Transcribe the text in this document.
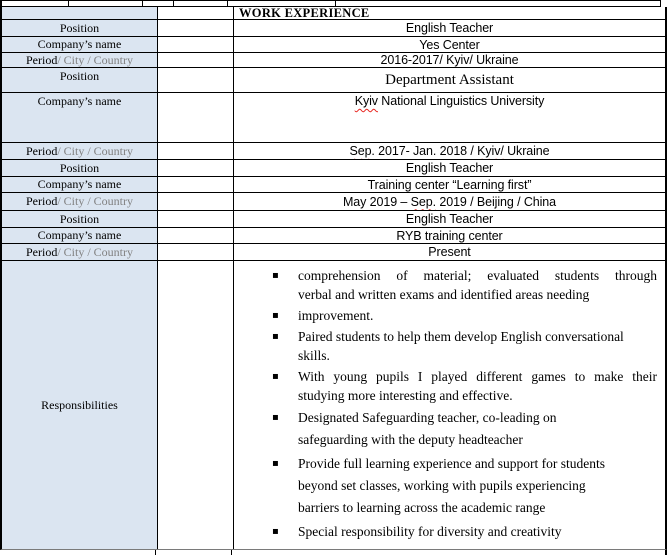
WORK EXPERIENCE
Position	English Teacher
Company’s name	Yes Center
Period / City / Country	2016-2017/ Kyiv/ Ukraine
Position	Department Assistant
Company’s name	Kyiv National Linguistics University
Period / City / Country	Sep. 2017- Jan. 2018 / Kyiv/ Ukraine
Position	English Teacher
Company’s name	Training center “Learning first”
Period / City / Country	May 2019 – Sep. 2019 / Beijing / China
Position	English Teacher
Company’s name	RYB training center
Period / City / Country	Present
Responsibilities
▪ comprehension of material; evaluated students through
verbal and written exams and identified areas needing
▪ improvement.
▪ Paired students to help them develop English conversational
skills.
▪ With young pupils I played different games to make their
studying more interesting and effective.
▪ Designated Safeguarding teacher, co-leading on
safeguarding with the deputy headteacher
▪ Provide full learning experience and support for students
beyond set classes, working with pupils experiencing
barriers to learning across the academic range
▪ Special responsibility for diversity and creativity
